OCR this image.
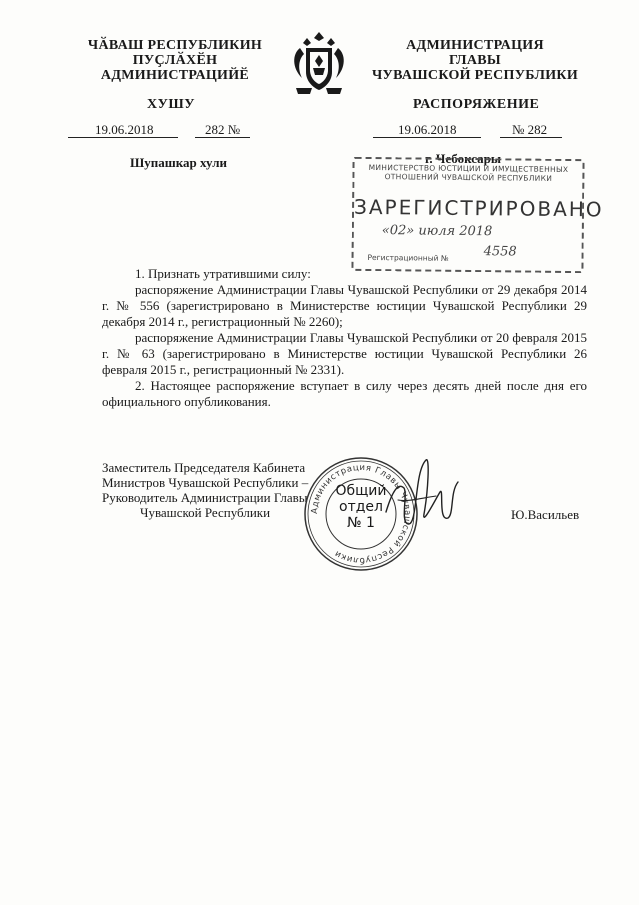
ЧӐВАШ РЕСПУБЛИКИН
ПУҪЛӐХӖН
АДМИНИСТРАЦИЙӖ
ХУШУ
АДМИНИСТРАЦИЯ
ГЛАВЫ
ЧУВАШСКОЙ РЕСПУБЛИКИ
РАСПОРЯЖЕНИЕ
19.06.2018	282 №	19.06.2018	№ 282
Шупашкар хули	г. Чебоксары
МИНИСТЕРСТВО ЮСТИЦИИ И ИМУЩЕСТВЕННЫХ
ОТНОШЕНИЙ ЧУВАШСКОЙ РЕСПУБЛИКИ
ЗАРЕГИСТРИРОВАНО
«02» июля 2018
Регистрационный №	4558

1. Признать утратившими силу:

распоряжение Администрации Главы Чувашской Республики от 29 декабря 2014 г. № 556 (зарегистрировано в Министерстве юстиции Чувашской Республики 29 декабря 2014 г., регистрационный № 2260);

распоряжение Администрации Главы Чувашской Республики от 20 февраля 2015 г. № 63 (зарегистрировано в Министерстве юстиции Чувашской Республики 26 февраля 2015 г., регистрационный № 2331).

2. Настоящее распоряжение вступает в силу через десять дней после дня его официального опубликования.

Заместитель Председателя Кабинета
Министров Чувашской Республики –
Руководитель Администрации Главы
Чувашской Республики	Ю.Васильев
Администрация Главы Чувашской Республики
Общий
отдел
№ 1
